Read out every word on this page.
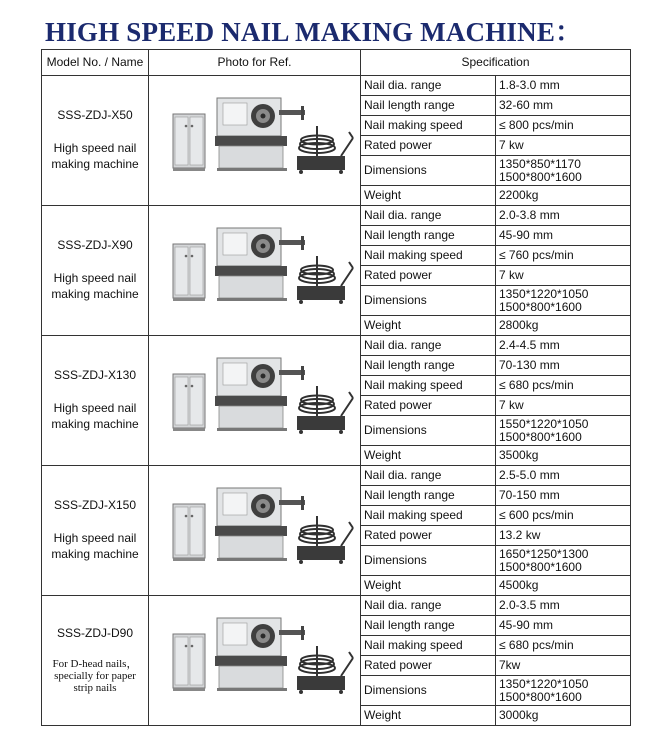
HIGH SPEED NAIL MAKING MACHINE：
Model No. / Name	Photo for Ref.	Specification	

SSS-ZDJ-X50
High speed nail making machine		Nail dia. range	1.8-3.0 mm
		Nail length range	32-60 mm
		Nail making speed	≤ 800 pcs/min
		Rated power	7 kw
		Dimensions	1350*850*1170
1500*800*1600

		Weight	2200kg

SSS-ZDJ-X90
High speed nail making machine		Nail dia. range	2.0-3.8 mm
		Nail length range	45-90 mm
		Nail making speed	≤ 760 pcs/min
		Rated power	7 kw
		Dimensions	1350*1220*1050
1500*800*1600

		Weight	2800kg

SSS-ZDJ-X130
High speed nail making machine		Nail dia. range	2.4-4.5 mm
		Nail length range	70-130 mm
		Nail making speed	≤ 680 pcs/min
		Rated power	7 kw
		Dimensions	1550*1220*1050
1500*800*1600

		Weight	3500kg

SSS-ZDJ-X150
High speed nail making machine		Nail dia. range	2.5-5.0 mm
		Nail length range	70-150 mm
		Nail making speed	≤ 600 pcs/min
		Rated power	13.2 kw
		Dimensions	1650*1250*1300
1500*800*1600

		Weight	4500kg

SSS-ZDJ-D90
For D-head nails，specially for paper strip nails		Nail dia. range	2.0-3.5 mm
		Nail length range	45-90 mm
		Nail making speed	≤ 680 pcs/min
		Rated power	7kw
		Dimensions	1350*1220*1050
1500*800*1600

		Weight	3000kg
